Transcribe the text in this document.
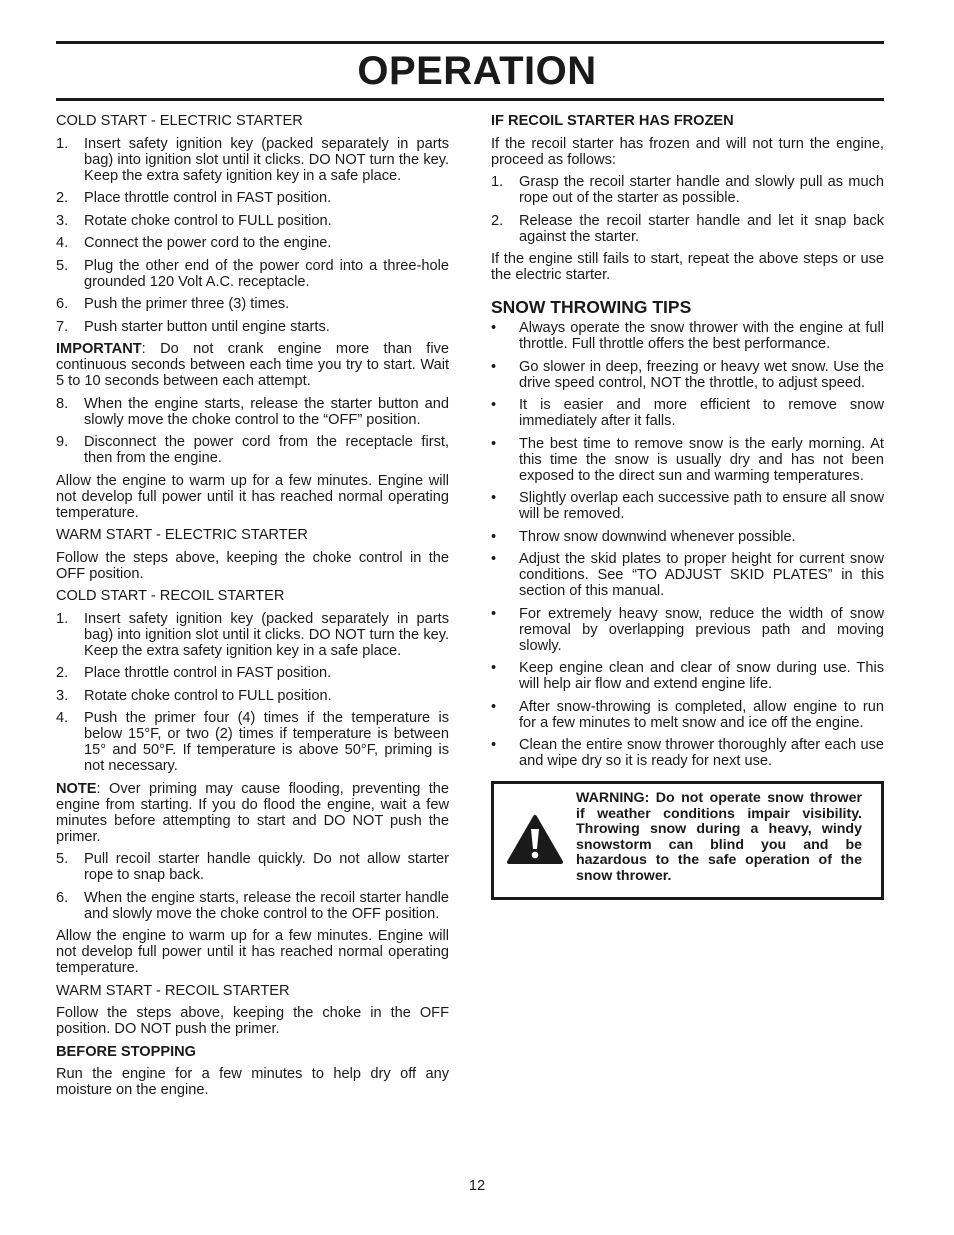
OPERATION
COLD START - ELECTRIC STARTER
1.	Insert safety ignition key (packed separately in parts bag) into ignition slot until it clicks. DO NOT turn the key. Keep the extra safety ignition key in a safe place.
2.	Place throttle control in FAST position.
3.	Rotate choke control to FULL position.
4.	Connect the power cord to the engine.
5.	Plug the other end of the power cord into a three-hole grounded 120 Volt A.C. receptacle.
6.	Push the primer three (3) times.
7.	Push starter button until engine starts.

IMPORTANT: Do not crank engine more than five continuous seconds between each time you try to start. Wait 5 to 10 seconds between each attempt.

8.	When the engine starts, release the starter button and slowly move the choke control to the “OFF” position.
9.	Disconnect the power cord from the receptacle first, then from the engine.

Allow the engine to warm up for a few minutes. Engine will not develop full power until it has reached normal operating temperature.

WARM START - ELECTRIC STARTER

Follow the steps above, keeping the choke control in the OFF position.

COLD START - RECOIL STARTER
1.	Insert safety ignition key (packed separately in parts bag) into ignition slot until it clicks. DO NOT turn the key. Keep the extra safety ignition key in a safe place.
2.	Place throttle control in FAST position.
3.	Rotate choke control to FULL position.
4.	Push the primer four (4) times if the temperature is below 15°F, or two (2) times if temperature is between 15° and 50°F. If temperature is above 50°F, priming is not necessary.

NOTE: Over priming may cause flooding, preventing the engine from starting. If you do flood the engine, wait a few minutes before attempting to start and DO NOT push the primer.

5.	Pull recoil starter handle quickly. Do not allow starter rope to snap back.
6.	When the engine starts, release the recoil starter handle and slowly move the choke control to the OFF position.

Allow the engine to warm up for a few minutes. Engine will not develop full power until it has reached normal operating temperature.

WARM START - RECOIL STARTER

Follow the steps above, keeping the choke in the OFF position. DO NOT push the primer.

BEFORE STOPPING

Run the engine for a few minutes to help dry off any moisture on the engine.

IF RECOIL STARTER HAS FROZEN

If the recoil starter has frozen and will not turn the engine, proceed as follows:

1.	Grasp the recoil starter handle and slowly pull as much rope out of the starter as possible.
2.	Release the recoil starter handle and let it snap back against the starter.

If the engine still fails to start, repeat the above steps or use the electric starter.

SNOW THROWING TIPS
•	Always operate the snow thrower with the engine at full throttle. Full throttle offers the best performance.
•	Go slower in deep, freezing or heavy wet snow. Use the drive speed control, NOT the throttle, to adjust speed.
•	It is easier and more efficient to remove snow immediately after it falls.
•	The best time to remove snow is the early morning. At this time the snow is usually dry and has not been exposed to the direct sun and warming temperatures.
•	Slightly overlap each successive path to ensure all snow will be removed.
•	Throw snow downwind whenever possible.
•	Adjust the skid plates to proper height for current snow conditions. See “TO ADJUST SKID PLATES” in this section of this manual.
•	For extremely heavy snow, reduce the width of snow removal by overlapping previous path and moving slowly.
•	Keep engine clean and clear of snow during use. This will help air flow and extend engine life.
•	After snow-throwing is completed, allow engine to run for a few minutes to melt snow and ice off the engine.
•	Clean the entire snow thrower thoroughly after each use and wipe dry so it is ready for next use.
WARNING: Do not operate snow thrower if weather conditions impair visibility. Throwing snow during a heavy, windy snowstorm can blind you and be hazardous to the safe operation of the snow thrower.
12
